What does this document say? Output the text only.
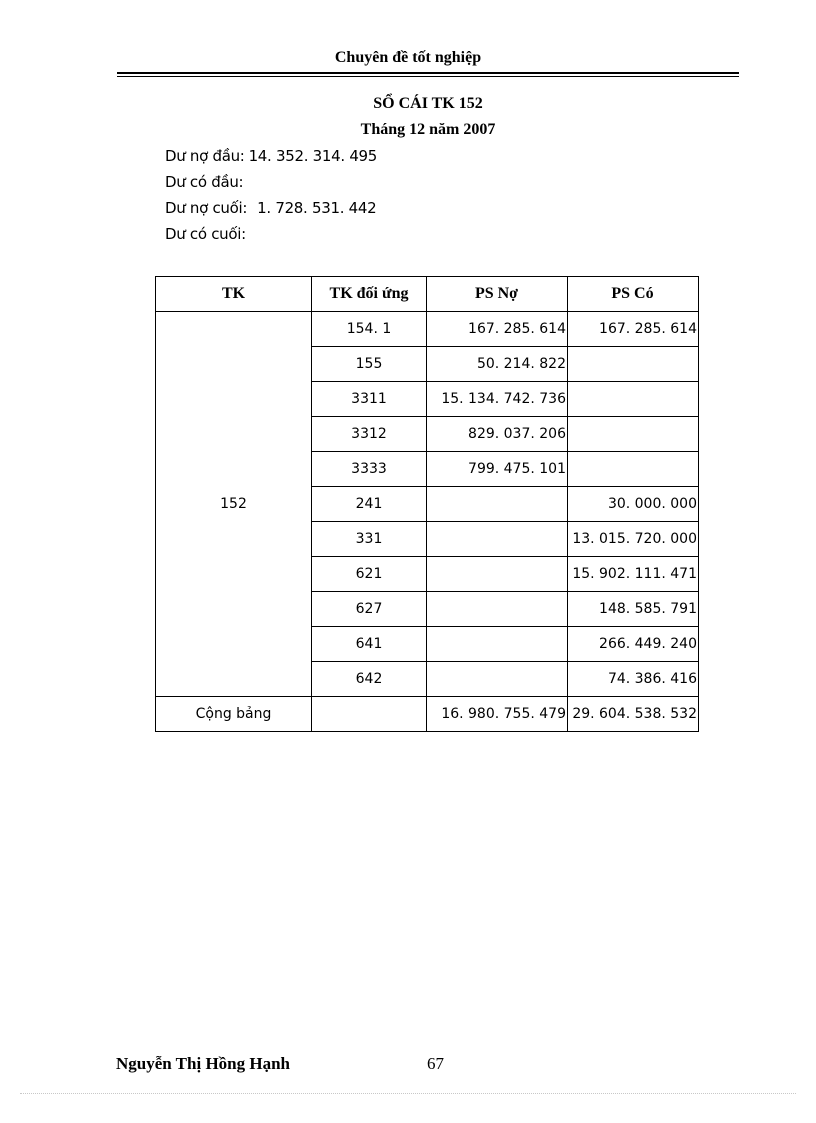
Chuyên đề tốt nghiệp
SỔ CÁI TK 152
Tháng 12 năm 2007
Dư nợ đầu: 14. 352. 314. 495
Dư có đầu:
Dư nợ cuối: 1. 728. 531. 442
Dư có cuối:
TK	TK đối ứng	PS Nợ	PS Có
152	154. 1	167. 285. 614	167. 285. 614
	155	50. 214. 822	
	3311	15. 134. 742. 736	
	3312	829. 037. 206	
	3333	799. 475. 101	
	241		30. 000. 000
	331		13. 015. 720. 000
	621		15. 902. 111. 471
	627		148. 585. 791
	641		266. 449. 240
	642		74. 386. 416
Cộng bảng		16. 980. 755. 479	29. 604. 538. 532
Nguyễn Thị Hồng Hạnh	67
